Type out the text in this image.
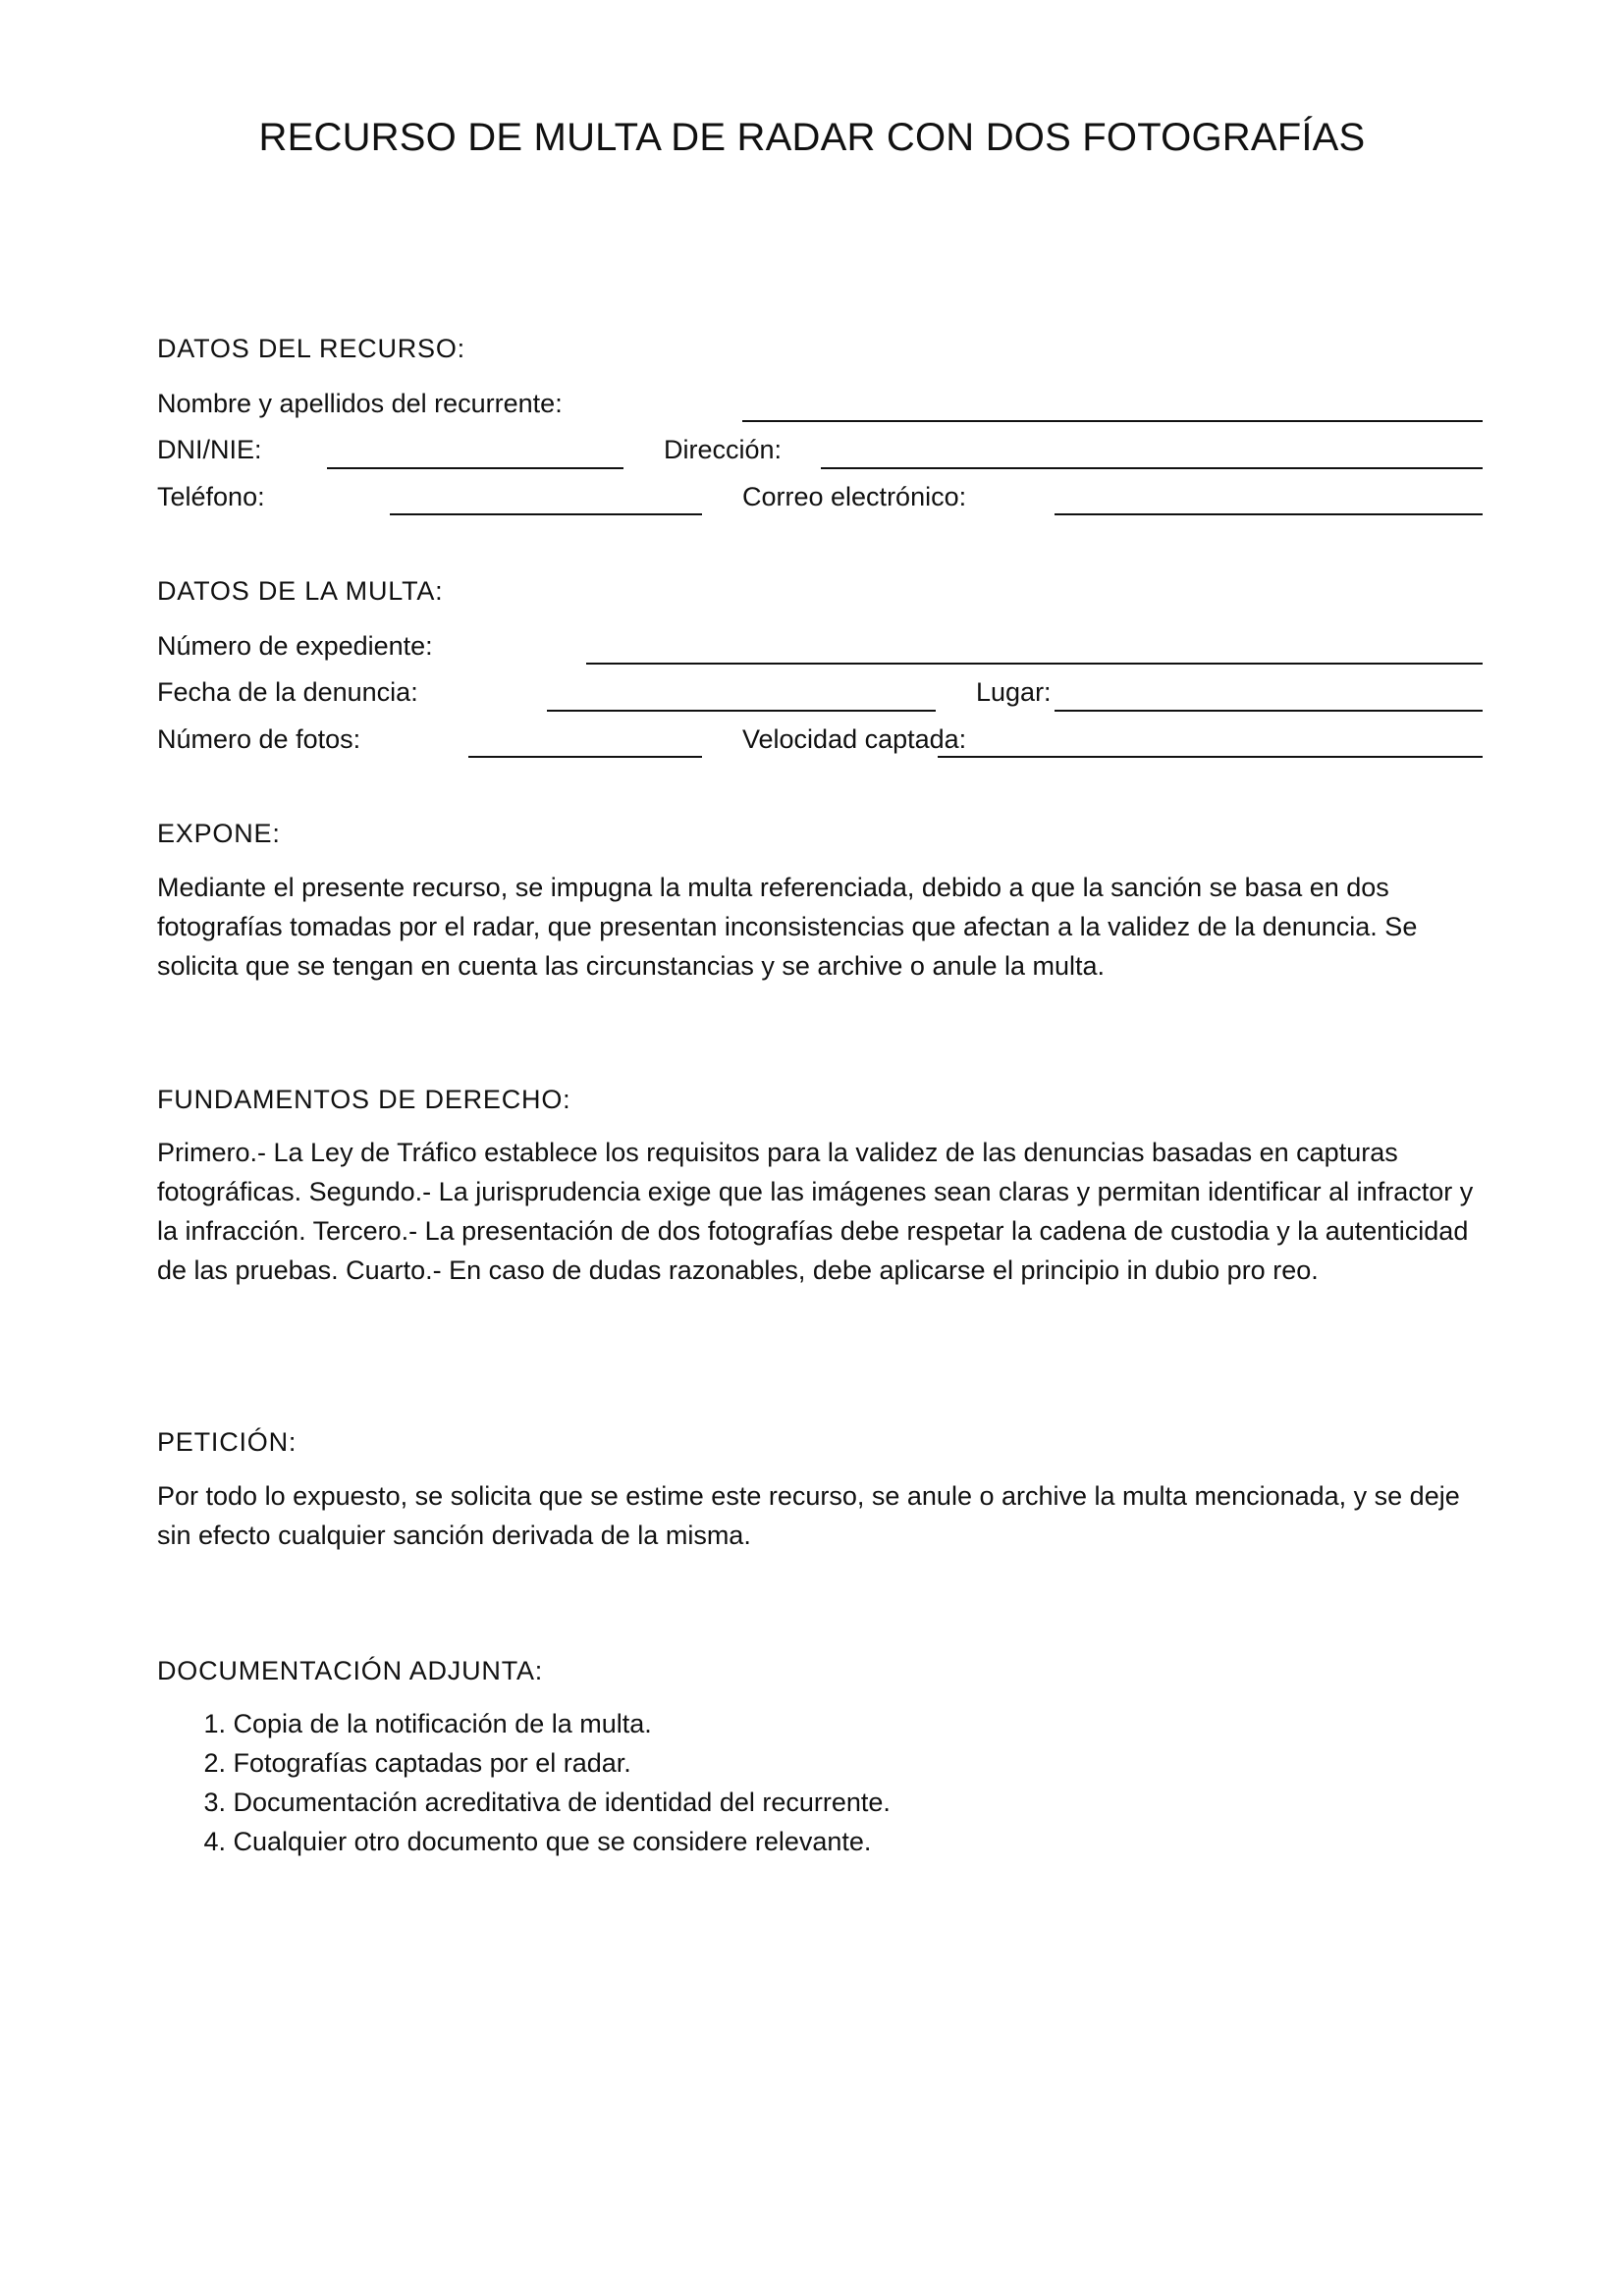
RECURSO DE MULTA DE RADAR CON DOS FOTOGRAFÍAS
DATOS DEL RECURSO:
Nombre y apellidos del recurrente:
DNI/NIE:	Dirección:
Teléfono:	Correo electrónico:
DATOS DE LA MULTA:
Número de expediente:
Fecha de la denuncia:	Lugar:
Número de fotos:	Velocidad captada:
EXPONE:

Mediante el presente recurso, se impugna la multa referenciada, debido a que la sanción se basa en dos fotografías tomadas por el radar, que presentan inconsistencias que afectan a la validez de la denuncia. Se solicita que se tengan en cuenta las circunstancias y se archive o anule la multa.

FUNDAMENTOS DE DERECHO:

Primero.- La Ley de Tráfico establece los requisitos para la validez de las denuncias basadas en capturas fotográficas. Segundo.- La jurisprudencia exige que las imágenes sean claras y permitan identificar al infractor y la infracción. Tercero.- La presentación de dos fotografías debe respetar la cadena de custodia y la autenticidad de las pruebas. Cuarto.- En caso de dudas razonables, debe aplicarse el principio in dubio pro reo.

PETICIÓN:

Por todo lo expuesto, se solicita que se estime este recurso, se anule o archive la multa mencionada, y se deje sin efecto cualquier sanción derivada de la misma.

DOCUMENTACIÓN ADJUNTA:
1. Copia de la notificación de la multa.
2. Fotografías captadas por el radar.
3. Documentación acreditativa de identidad del recurrente.
4. Cualquier otro documento que se considere relevante.
